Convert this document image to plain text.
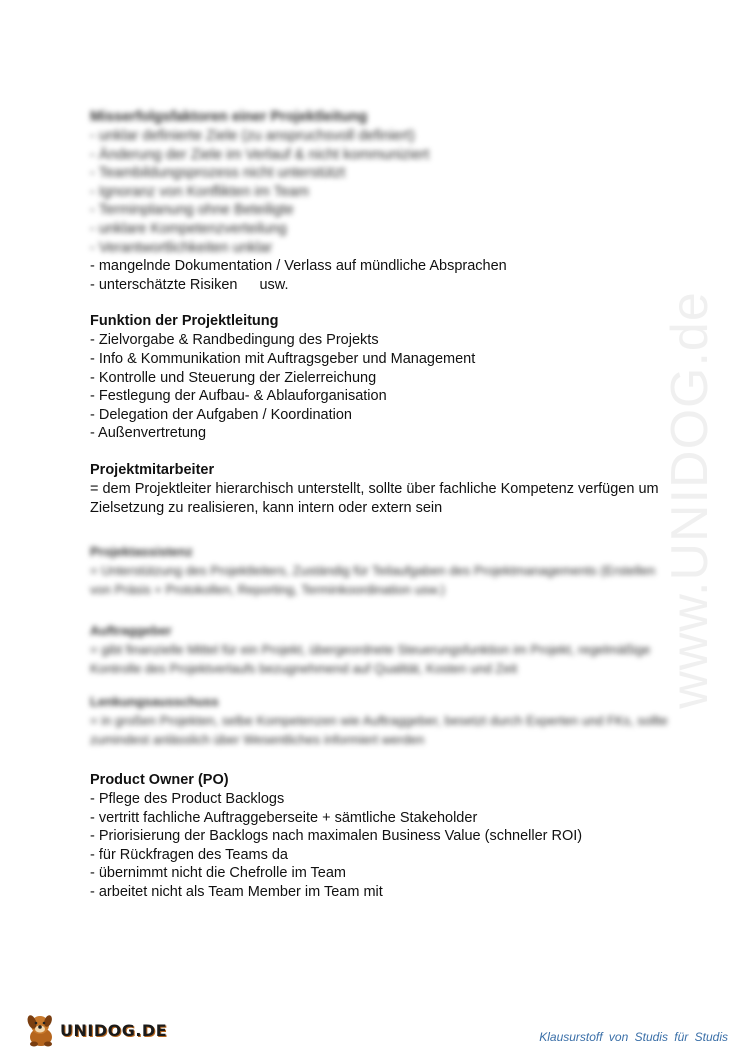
www.UNIDOG.de
Misserfolgsfaktoren einer Projektleitung
- unklar definierte Ziele (zu anspruchsvoll definiert)
- Änderung der Ziele im Verlauf & nicht kommuniziert
- Teambildungsprozess nicht unterstützt
- Ignoranz von Konflikten im Team
- Terminplanung ohne Beteiligte
- unklare Kompetenzverteilung
- Verantwortlichkeiten unklar
- mangelnde Dokumentation / Verlass auf mündliche Absprachen
- unterschätzte Risiken usw.
Funktion der Projektleitung
- Zielvorgabe & Randbedingung des Projekts
- Info & Kommunikation mit Auftragsgeber und Management
- Kontrolle und Steuerung der Zielerreichung
- Festlegung der Aufbau- & Ablauforganisation
- Delegation der Aufgaben / Koordination
- Außenvertretung
Projektmitarbeiter
= dem Projektleiter hierarchisch unterstellt, sollte über fachliche Kompetenz verfügen um Zielsetzung zu realisieren, kann intern oder extern sein
Projektassistenz
= Unterstützung des Projektleiters, Zuständig für Teilaufgaben des Projektmanagements (Erstellen von Präsis + Protokollen, Reporting, Terminkoordination usw.)
Auftraggeber
= gibt finanzielle Mittel für ein Projekt, übergeordnete Steuerungsfunktion im Projekt, regelmäßige Kontrolle des Projektverlaufs bezugnehmend auf Qualität, Kosten und Zeit
Lenkungsausschuss
= in großen Projekten, selbe Kompetenzen wie Auftraggeber, besetzt durch Experten und FKs, sollte zumindest anlässlich über Wesentliches informiert werden
Product Owner (PO)
- Pflege des Product Backlogs
- vertritt fachliche Auftraggeberseite + sämtliche Stakeholder
- Priorisierung der Backlogs nach maximalen Business Value (schneller ROI)
- für Rückfragen des Teams da
- übernimmt nicht die Chefrolle im Team
- arbeitet nicht als Team Member im Team mit
UNIDOG.DE	Klausurstoff von Studis für Studis
